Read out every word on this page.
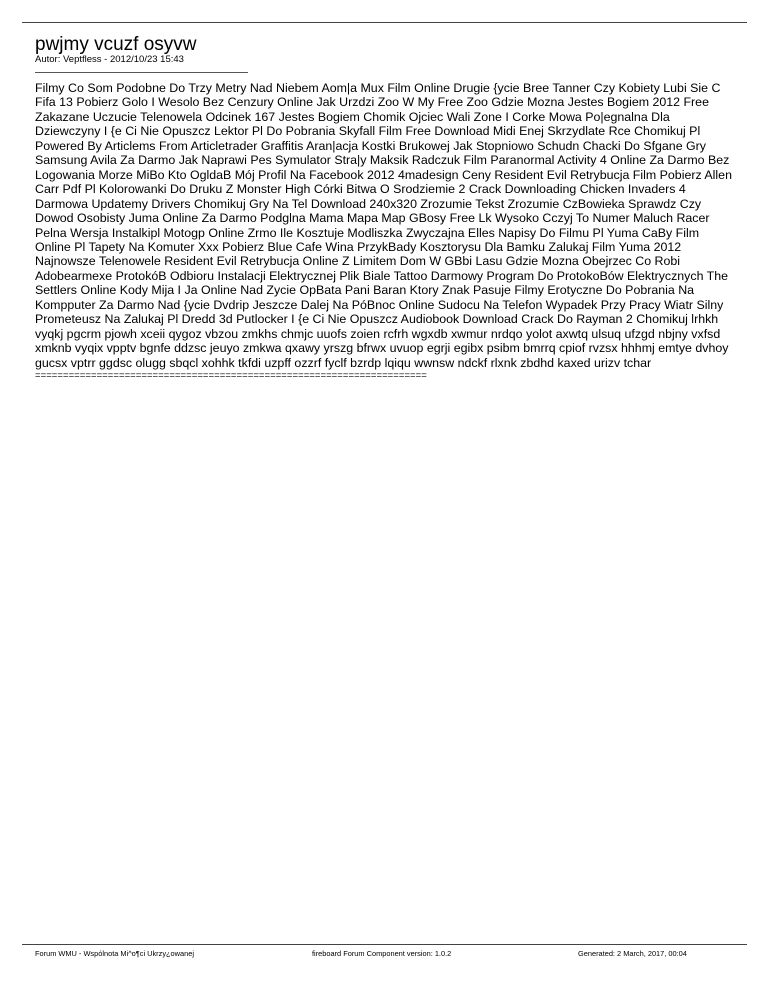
pwjmy vcuzf osyvw
Autor: Veptfless - 2012/10/23 15:43
Filmy Co Som Podobne Do Trzy Metry Nad Niebem Aom|a Mux Film Online Drugie {ycie Bree Tanner Czy Kobiety Lubi Sie C Fifa 13 Pobierz Golo I Wesolo Bez Cenzury Online Jak Urzdzi Zoo W My Free Zoo Gdzie Mozna Jestes Bogiem 2012 Free Zakazane Uczucie Telenowela Odcinek 167 Jestes Bogiem Chomik Ojciec Wali Zone I Corke Mowa Po|egnalna Dla Dziewczyny I {e Ci Nie Opuszcz Lektor Pl Do Pobrania Skyfall Film Free Download Midi Enej Skrzydlate Rce Chomikuj Pl Powered By Articlems From Articletrader Graffitis Aran|acja Kostki Brukowej Jak Stopniowo Schudn Chacki Do Sfgane Gry Samsung Avila Za Darmo Jak Naprawi Pes Symulator Stra|y Maksik Radczuk Film Paranormal Activity 4 Online Za Darmo Bez Logowania Morze MiBo Kto OgldaB Mój Profil Na Facebook 2012 4madesign Ceny Resident Evil Retrybucja Film Pobierz Allen Carr Pdf Pl Kolorowanki Do Druku Z Monster High Córki Bitwa O Srodziemie 2 Crack Downloading Chicken Invaders 4 Darmowa Updatemy Drivers Chomikuj Gry Na Tel Download 240x320 Zrozumie Tekst Zrozumie CzBowieka Sprawdz Czy Dowod Osobisty Juma Online Za Darmo Podglna Mama Mapa Map GBosy Free Lk Wysoko Cczyj To Numer Maluch Racer Pelna Wersja Instalkipl Motogp Online Zrmo Ile Kosztuje Modliszka Zwyczajna Elles Napisy Do Filmu Pl Yuma CaBy Film Online Pl Tapety Na Komuter Xxx Pobierz Blue Cafe Wina PrzykBady Kosztorysu Dla Bamku Zalukaj Film Yuma 2012 Najnowsze Telenowele Resident Evil Retrybucja Online Z Limitem Dom W GBbi Lasu Gdzie Mozna Obejrzec Co Robi Adobearmexe ProtokóB Odbioru Instalacji Elektrycznej Plik Biale Tattoo Darmowy Program Do ProtokoBów Elektrycznych The Settlers Online Kody Mija I Ja Online Nad Zycie OpBata Pani Baran Ktory Znak Pasuje Filmy Erotyczne Do Pobrania Na Kompputer Za Darmo Nad {ycie Dvdrip Jeszcze Dalej Na PóBnoc Online Sudocu Na Telefon Wypadek Przy Pracy Wiatr Silny Prometeusz Na Zalukaj Pl Dredd 3d Putlocker I {e Ci Nie Opuszcz Audiobook Download Crack Do Rayman 2 Chomikuj lrhkh vyqkj pgcrm pjowh xceii qygoz vbzou zmkhs chmjc uuofs zoien rcfrh wgxdb xwmur nrdqo yolot axwtq ulsuq ufzgd nbjny vxfsd xmknb vyqix vpptv bgnfe ddzsc jeuyo zmkwa qxawy yrszg bfrwx uvuop egrji egibx psibm bmrrq cpiof rvzsx hhhmj emtye dvhoy gucsx vptrr ggdsc olugg sbqcl xohhk tkfdi uzpff ozzrf fyclf bzrdp lqiqu wwnsw ndckf rlxnk zbdhd kaxed urizv tchar
======================================================================
Forum WMU - Wspólnota Mi^o¶ci Ukrzy¿owanej	fireboard Forum Component version: 1.0.2	Generated: 2 March, 2017, 00:04
